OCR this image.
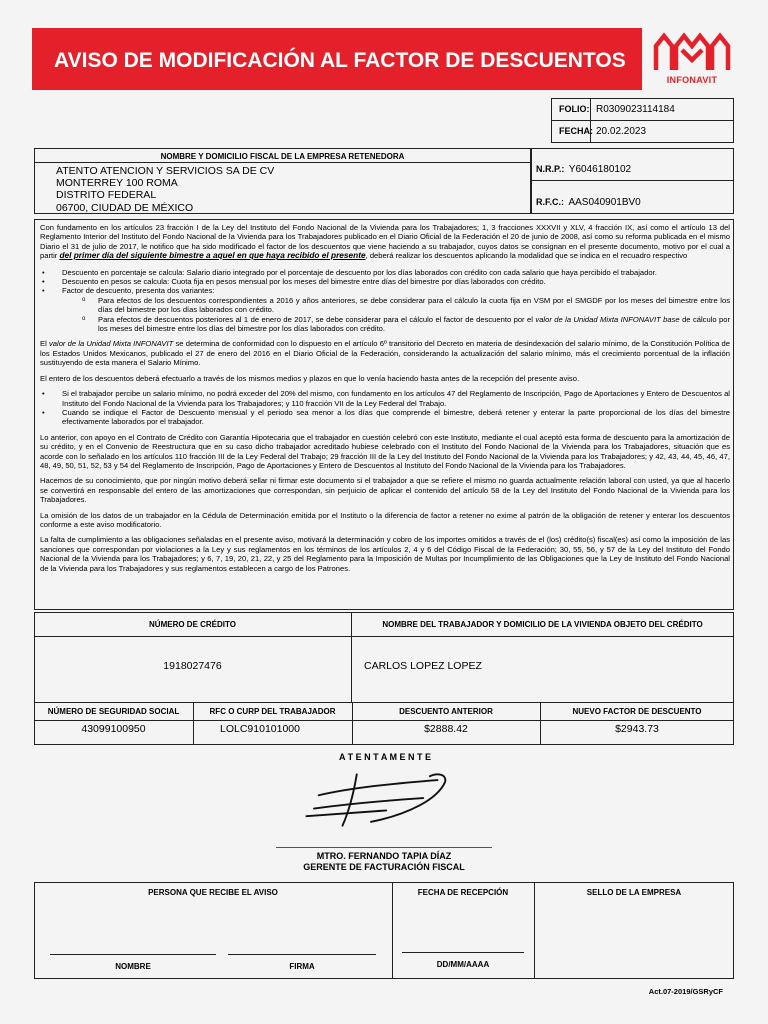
AVISO DE MODIFICACIÓN AL FACTOR DE DESCUENTOS
INFONAVIT
FOLIO: R0309023114184
FECHA: 20.02.2023
NOMBRE Y DOMICILIO FISCAL DE LA EMPRESA RETENEDORA
ATENTO ATENCION Y SERVICIOS SA DE CV
MONTERREY 100 ROMA
DISTRITO FEDERAL
06700, CIUDAD DE MÉXICO
N.R.P.: Y6046180102
R.F.C.: AAS040901BV0

Con fundamento en los artículos 23 fracción I de la Ley del Instituto del Fondo Nacional de la Vivienda para los Trabajadores; 1, 3 fracciones XXXVII y XLV, 4 fracción IX, así como el artículo 13 del Reglamento Interior del Instituto del Fondo Nacional de la Vivienda para los Trabajadores publicado en el Diario Oficial de la Federación el 20 de junio de 2008, así como su reforma publicada en el mismo Diario el 31 de julio de 2017, le notifico que ha sido modificado el factor de los descuentos que viene haciendo a su trabajador, cuyos datos se consignan en el presente documento, motivo por el cual a partir del primer día del siguiente bimestre a aquel en que haya recibido el presente, deberá realizar los descuentos aplicando la modalidad que se indica en el recuadro respectivo

• Descuento en porcentaje se calcula: Salario diario integrado por el porcentaje de descuento por los días laborados con crédito con cada salario que haya percibido el trabajador.
• Descuento en pesos se calcula: Cuota fija en pesos mensual por los meses del bimestre entre días del bimestre por días laborados con crédito.
• Factor de descuento, presenta dos variantes:
o Para efectos de los descuentos correspondientes a 2016 y años anteriores, se debe considerar para el cálculo la cuota fija en VSM por el SMGDF por los meses del bimestre entre los días del bimestre por los días laborados con crédito.
o Para efectos de descuentos posteriores al 1 de enero de 2017, se debe considerar para el cálculo el factor de descuento por el valor de la Unidad Mixta INFONAVIT base de cálculo por los meses del bimestre entre los días del bimestre por los días laborados con crédito.

El valor de la Unidad Mixta INFONAVIT se determina de conformidad con lo dispuesto en el artículo 6º transitorio del Decreto en materia de desindexación del salario mínimo, de la Constitución Política de los Estados Unidos Mexicanos, publicado el 27 de enero del 2016 en el Diario Oficial de la Federación, considerando la actualización del salario mínimo, más el crecimiento porcentual de la inflación sustituyendo de esta manera el Salario Mínimo.

El entero de los descuentos deberá efectuarlo a través de los mismos medios y plazos en que lo venía haciendo hasta antes de la recepción del presente aviso.

• Si el trabajador percibe un salario mínimo, no podrá exceder del 20% del mismo, con fundamento en los artículos 47 del Reglamento de Inscripción, Pago de Aportaciones y Entero de Descuentos al Instituto del Fondo Nacional de la Vivienda para los Trabajadores; y 110 fracción VII de la Ley Federal del Trabajo.
• Cuando se indique el Factor de Descuento mensual y el periodo sea menor a los días que comprende el bimestre, deberá retener y enterar la parte proporcional de los días del bimestre efectivamente laborados por el trabajador.

Lo anterior, con apoyo en el Contrato de Crédito con Garantía Hipotecaria que el trabajador en cuestión celebró con este Instituto, mediante el cual aceptó esta forma de descuento para la amortización de su crédito, y en el Convenio de Reestructura que en su caso dicho trabajador acreditado hubiese celebrado con el Instituto del Fondo Nacional de la Vivienda para los Trabajadores, situación que es acorde con lo señalado en los artículos 110 fracción III de la Ley Federal del Trabajo; 29 fracción III de la Ley del Instituto del Fondo Nacional de la Vivienda para los Trabajadores; y 42, 43, 44, 45, 46, 47, 48, 49, 50, 51, 52, 53 y 54 del Reglamento de Inscripción, Pago de Aportaciones y Entero de Descuentos al Instituto del Fondo Nacional de la Vivienda para los Trabajadores.

Hacemos de su conocimiento, que por ningún motivo deberá sellar ni firmar este documento si el trabajador a que se refiere el mismo no guarda actualmente relación laboral con usted, ya que al hacerlo se convertirá en responsable del entero de las amortizaciones que correspondan, sin perjuicio de aplicar el contenido del artículo 58 de la Ley del Instituto del Fondo Nacional de la Vivienda para los Trabajadores.

La omisión de los datos de un trabajador en la Cédula de Determinación emitida por el Instituto o la diferencia de factor a retener no exime al patrón de la obligación de retener y enterar los descuentos conforme a este aviso modificatorio.

La falta de cumplimiento a las obligaciones señaladas en el presente aviso, motivará la determinación y cobro de los importes omitidos a través de el (los) crédito(s) fiscal(es) así como la imposición de las sanciones que correspondan por violaciones a la Ley y sus reglamentos en los términos de los artículos 2, 4 y 6 del Código Fiscal de la Federación; 30, 55, 56, y 57 de la Ley del Instituto del Fondo Nacional de la Vivienda para los Trabajadores; y 6, 7, 19, 20, 21, 22, y 25 del Reglamento para la Imposición de Multas por Incumplimiento de las Obligaciones que la Ley de Instituto del Fondo Nacional de la Vivienda para los Trabajadores y sus reglamentos establecen a cargo de los Patrones.

NÚMERO DE CRÉDITO	NOMBRE DEL TRABAJADOR Y DOMICILIO DE LA VIVIENDA OBJETO DEL CRÉDITO
1918027476	CARLOS LOPEZ LOPEZ
NÚMERO DE SEGURIDAD SOCIAL	RFC O CURP DEL TRABAJADOR	DESCUENTO ANTERIOR	NUEVO FACTOR DE DESCUENTO
43099100950	LOLC910101000	$2888.42	$2943.73
A T E N T A M E N T E
MTRO. FERNANDO TAPIA DÍAZ
GERENTE DE FACTURACIÓN FISCAL
PERSONA QUE RECIBE EL AVISO	FECHA DE RECEPCIÓN	SELLO DE LA EMPRESA
NOMBRE	FIRMA	DD/MM/AAAA
Act.07-2019/GSRyCF
